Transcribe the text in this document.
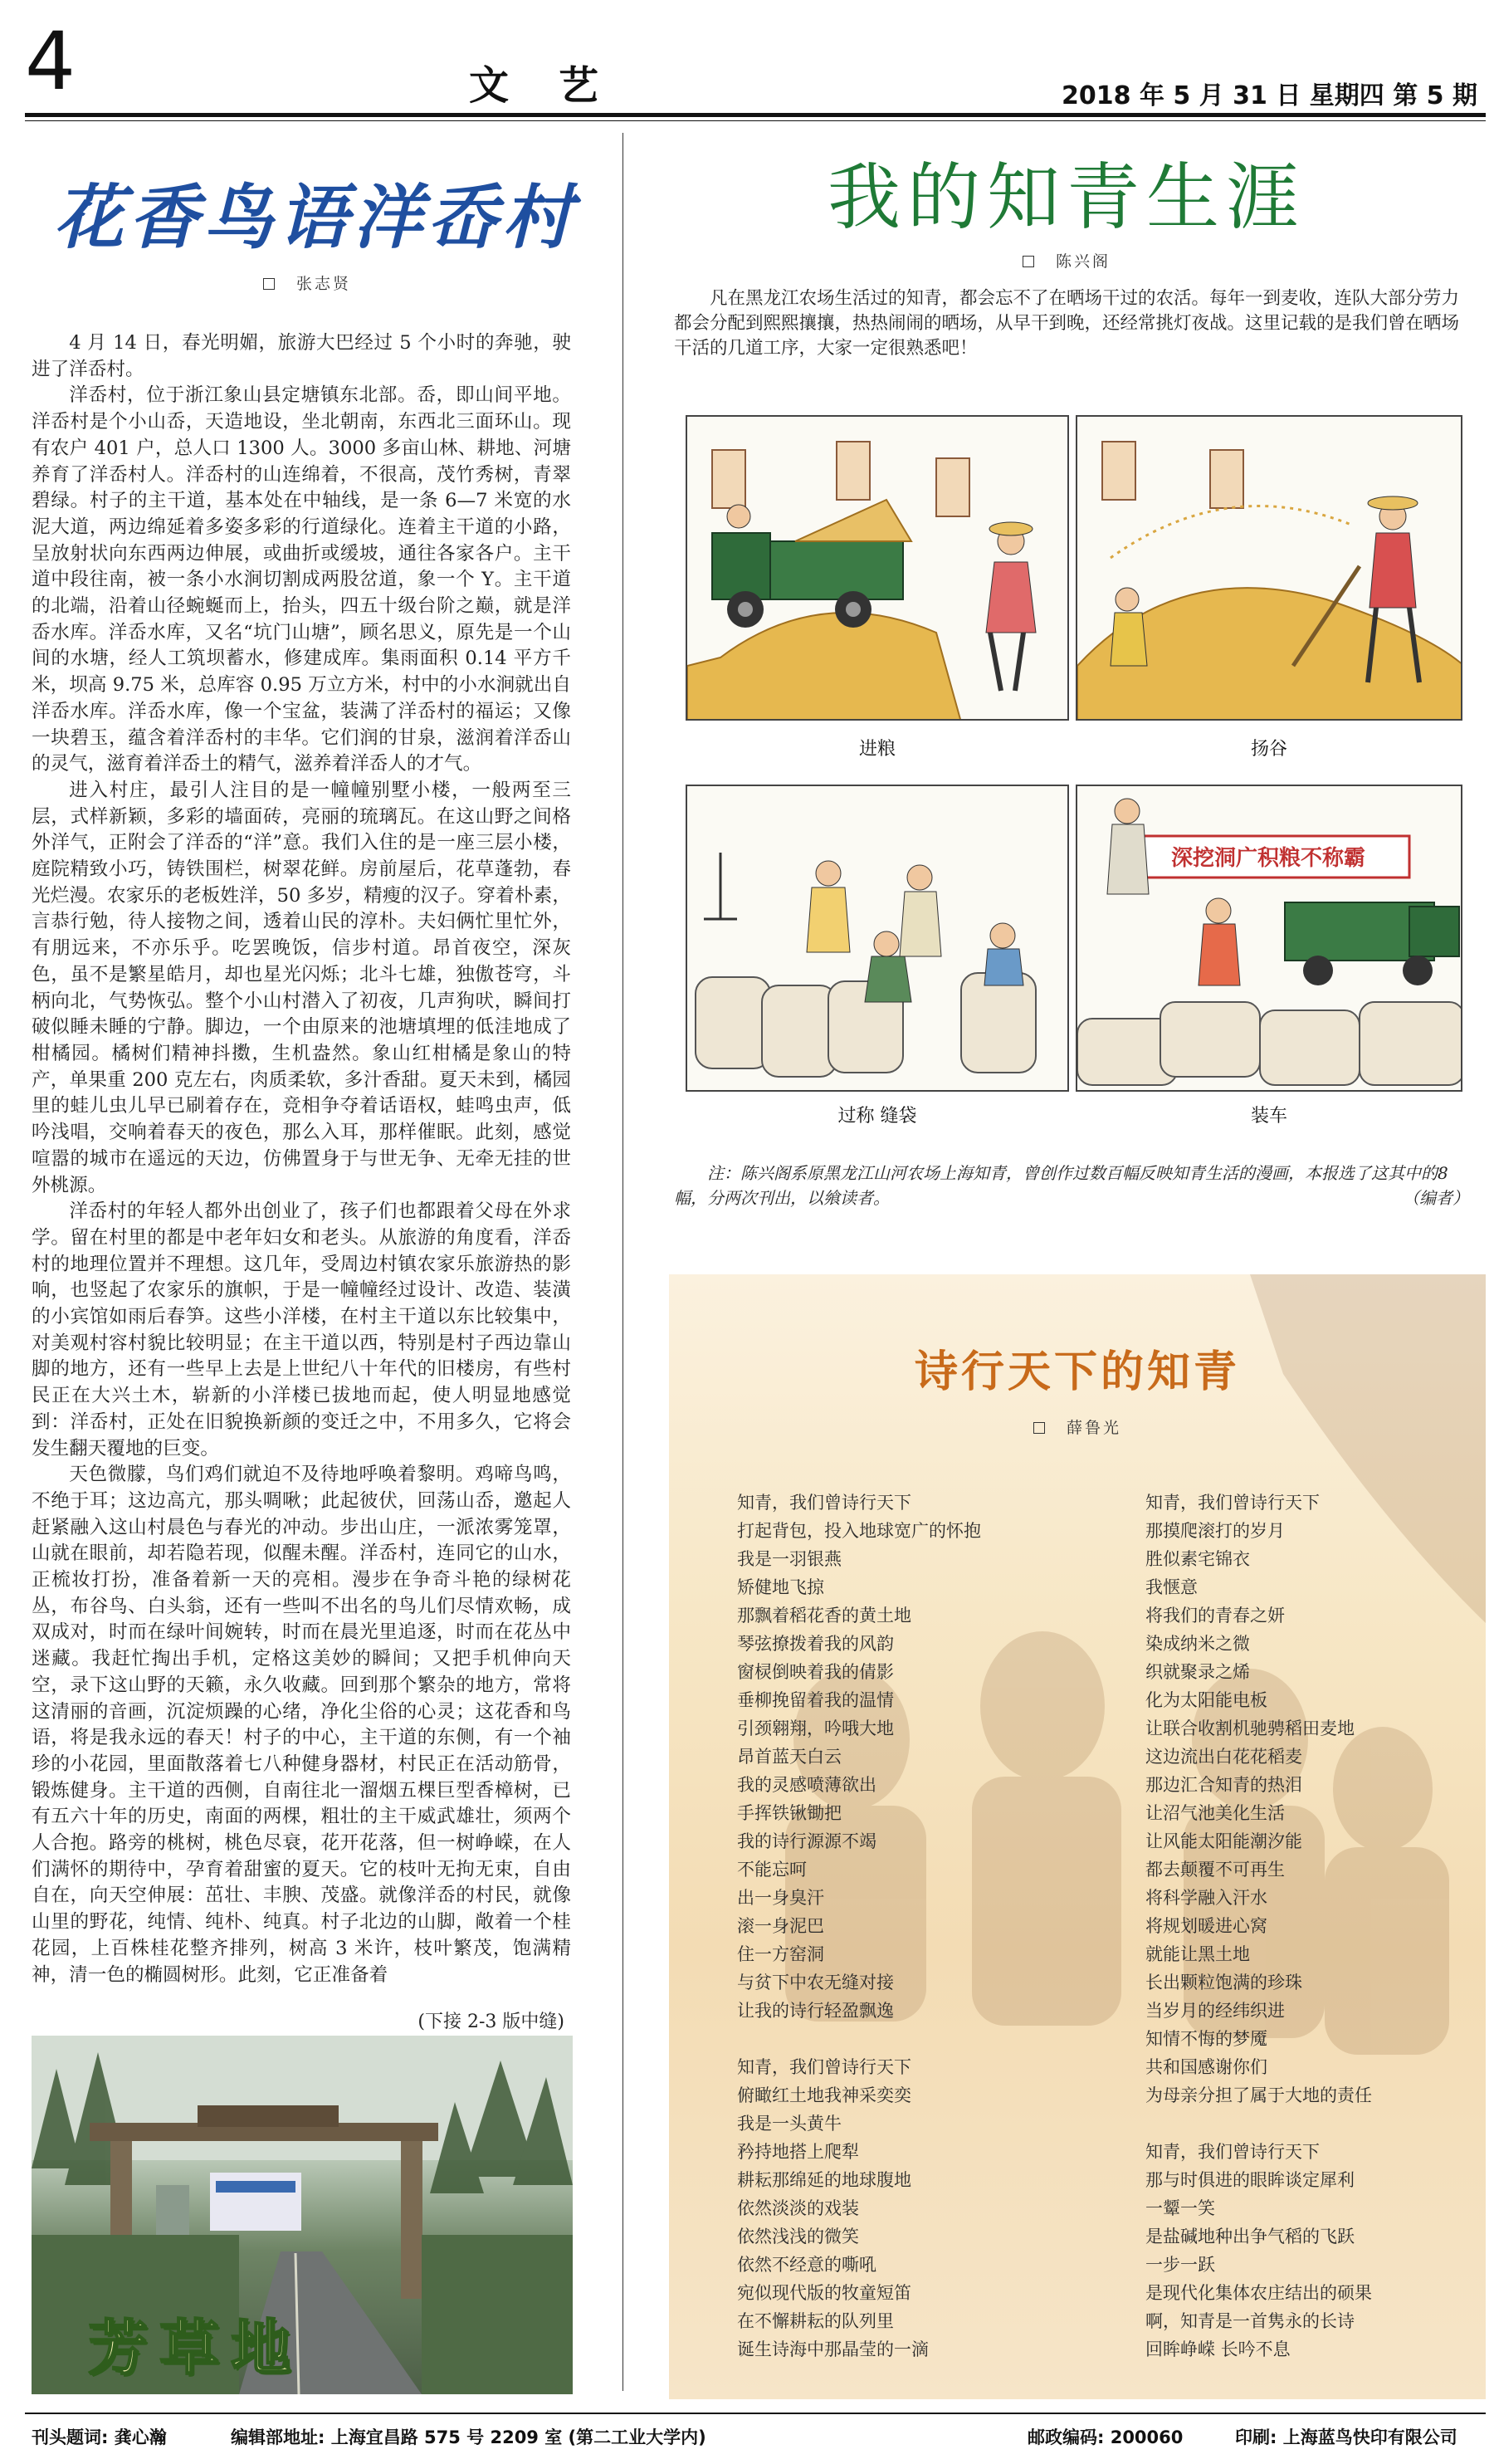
4	文艺	2018 年 5 月 31 日 星期四 第 5 期
花香鸟语洋岙村
张志贤

4 月 14 日，春光明媚，旅游大巴经过 5 个小时的奔驰，驶进了洋岙村。

洋岙村，位于浙江象山县定塘镇东北部。岙，即山间平地。洋岙村是个小山岙，天造地设，坐北朝南，东西北三面环山。现有农户 401 户，总人口 1300 人。3000 多亩山林、耕地、河塘养育了洋岙村人。洋岙村的山连绵着，不很高，茂竹秀树，青翠碧绿。村子的主干道，基本处在中轴线，是一条 6—7 米宽的水泥大道，两边绵延着多姿多彩的行道绿化。连着主干道的小路，呈放射状向东西两边伸展，或曲折或缓坡，通往各家各户。主干道中段往南，被一条小水涧切割成两股岔道，象一个 Y。主干道的北端，沿着山径蜿蜒而上，抬头，四五十级台阶之巅，就是洋岙水库。洋岙水库，又名“坑门山塘”，顾名思义，原先是一个山间的水塘，经人工筑坝蓄水，修建成库。集雨面积 0.14 平方千米，坝高 9.75 米，总库容 0.95 万立方米，村中的小水涧就出自洋岙水库。洋岙水库，像一个宝盆，装满了洋岙村的福运；又像一块碧玉，蕴含着洋岙村的丰华。它们润的甘泉，滋润着洋岙山的灵气，滋育着洋岙土的精气，滋养着洋岙人的才气。

进入村庄，最引人注目的是一幢幢别墅小楼，一般两至三层，式样新颖，多彩的墙面砖，亮丽的琉璃瓦。在这山野之间格外洋气，正附会了洋岙的“洋”意。我们入住的是一座三层小楼，庭院精致小巧，铸铁围栏，树翠花鲜。房前屋后，花草蓬勃，春光烂漫。农家乐的老板姓洋，50 多岁，精瘦的汉子。穿着朴素，言恭行勉，待人接物之间，透着山民的淳朴。夫妇俩忙里忙外，有朋远来，不亦乐乎。吃罢晚饭，信步村道。昂首夜空，深灰色，虽不是繁星皓月，却也星光闪烁；北斗七雄，独傲苍穹，斗柄向北，气势恢弘。整个小山村潜入了初夜，几声狗吠，瞬间打破似睡未睡的宁静。脚边，一个由原来的池塘填埋的低洼地成了柑橘园。橘树们精神抖擞，生机盎然。象山红柑橘是象山的特产，单果重 200 克左右，肉质柔软，多汁香甜。夏天未到，橘园里的蛙儿虫儿早已刷着存在，竞相争夺着话语权，蛙鸣虫声，低吟浅唱，交响着春天的夜色，那么入耳，那样催眠。此刻，感觉喧嚣的城市在遥远的天边，仿佛置身于与世无争、无牵无挂的世外桃源。

洋岙村的年轻人都外出创业了，孩子们也都跟着父母在外求学。留在村里的都是中老年妇女和老头。从旅游的角度看，洋岙村的地理位置并不理想。这几年，受周边村镇农家乐旅游热的影响，也竖起了农家乐的旗帜，于是一幢幢经过设计、改造、装潢的小宾馆如雨后春笋。这些小洋楼，在村主干道以东比较集中，对美观村容村貌比较明显；在主干道以西，特别是村子西边靠山脚的地方，还有一些早上去是上世纪八十年代的旧楼房，有些村民正在大兴土木，崭新的小洋楼已拔地而起，使人明显地感觉到：洋岙村，正处在旧貌换新颜的变迁之中，不用多久，它将会发生翻天覆地的巨变。

天色微朦，鸟们鸡们就迫不及待地呼唤着黎明。鸡啼鸟鸣，不绝于耳；这边高亢，那头啁啾；此起彼伏，回荡山岙，邀起人赶紧融入这山村晨色与春光的冲动。步出山庄，一派浓雾笼罩，山就在眼前，却若隐若现，似醒未醒。洋岙村，连同它的山水，正梳妆打扮，准备着新一天的亮相。漫步在争奇斗艳的绿树花丛，布谷鸟、白头翁，还有一些叫不出名的鸟儿们尽情欢畅，成双成对，时而在绿叶间婉转，时而在晨光里追逐，时而在花丛中迷藏。我赶忙掏出手机，定格这美妙的瞬间；又把手机伸向天空，录下这山野的天籁，永久收藏。回到那个繁杂的地方，常将这清丽的音画，沉淀烦躁的心绪，净化尘俗的心灵；这花香和鸟语，将是我永远的春天！村子的中心，主干道的东侧，有一个袖珍的小花园，里面散落着七八种健身器材，村民正在活动筋骨，锻炼健身。主干道的西侧，自南往北一溜烟五棵巨型香樟树，已有五六十年的历史，南面的两棵，粗壮的主干威武雄壮，须两个人合抱。路旁的桃树，桃色尽衰，花开花落，但一树峥嵘，在人们满怀的期待中，孕育着甜蜜的夏天。它的枝叶无拘无束，自由自在，向天空伸展：茁壮、丰腴、茂盛。就像洋岙的村民，就像山里的野花，纯情、纯朴、纯真。村子北边的山脚，敞着一个桂花园，上百株桂花整齐排列，树高 3 米许，枝叶繁茂，饱满精神，清一色的椭圆树形。此刻，它正准备着

(下接 2-3 版中缝)
芳草地
我的知青生涯
陈兴阁
凡在黑龙江农场生活过的知青，都会忘不了在晒场干过的农活。每年一到麦收，连队大部分劳力都会分配到熙熙攘攘，热热闹闹的晒场，从早干到晚，还经常挑灯夜战。这里记载的是我们曾在晒场干活的几道工序，大家一定很熟悉吧！
深挖洞广积粮不称霸
进粮	扬谷
过称 缝袋	装车
注：陈兴阁系原黑龙江山河农场上海知青，曾创作过数百幅反映知青生活的漫画，本报选了这其中的8幅，分两次刊出，以飨读者。	（编者）
诗行天下的知青
薛鲁光
知青，我们曾诗行天下
打起背包，投入地球宽广的怀抱
我是一羽银燕
矫健地飞掠
那飘着稻花香的黄土地
琴弦撩拨着我的风韵
窗棂倒映着我的倩影
垂柳挽留着我的温情
引颈翱翔，吟哦大地
昂首蓝天白云
我的灵感喷薄欲出
手挥铁锹锄把
我的诗行源源不竭
不能忘呵
出一身臭汗
滚一身泥巴
住一方窑洞
与贫下中农无缝对接
让我的诗行轻盈飘逸
知青，我们曾诗行天下
俯瞰红土地我神采奕奕
我是一头黄牛
矜持地搭上爬犁
耕耘那绵延的地球腹地
依然淡淡的戏装
依然浅浅的微笑
依然不经意的嘶吼
宛似现代版的牧童短笛
在不懈耕耘的队列里
诞生诗海中那晶莹的一滴
知青，我们曾诗行天下
那摸爬滚打的岁月
胜似素宅锦衣
我惬意
将我们的青春之妍
染成纳米之微
织就聚录之烯
化为太阳能电板
让联合收割机驰骋稻田麦地
这边流出白花花稻麦
那边汇合知青的热泪
让沼气池美化生活
让风能太阳能潮汐能
都去颠覆不可再生
将科学融入汗水
将规划暖进心窝
就能让黑土地
长出颗粒饱满的珍珠
当岁月的经纬织进
知情不悔的梦魇
共和国感谢你们
为母亲分担了属于大地的责任
知青，我们曾诗行天下
那与时俱进的眼眸谈定犀利
一颦一笑
是盐碱地种出争气稻的飞跃
一步一跃
是现代化集体农庄结出的硕果
啊，知青是一首隽永的长诗
回眸峥嵘 长吟不息
刊头题词: 龚心瀚	编辑部地址: 上海宜昌路 575 号 2209 室 (第二工业大学内)	邮政编码: 200060	印刷: 上海蓝鸟快印有限公司
